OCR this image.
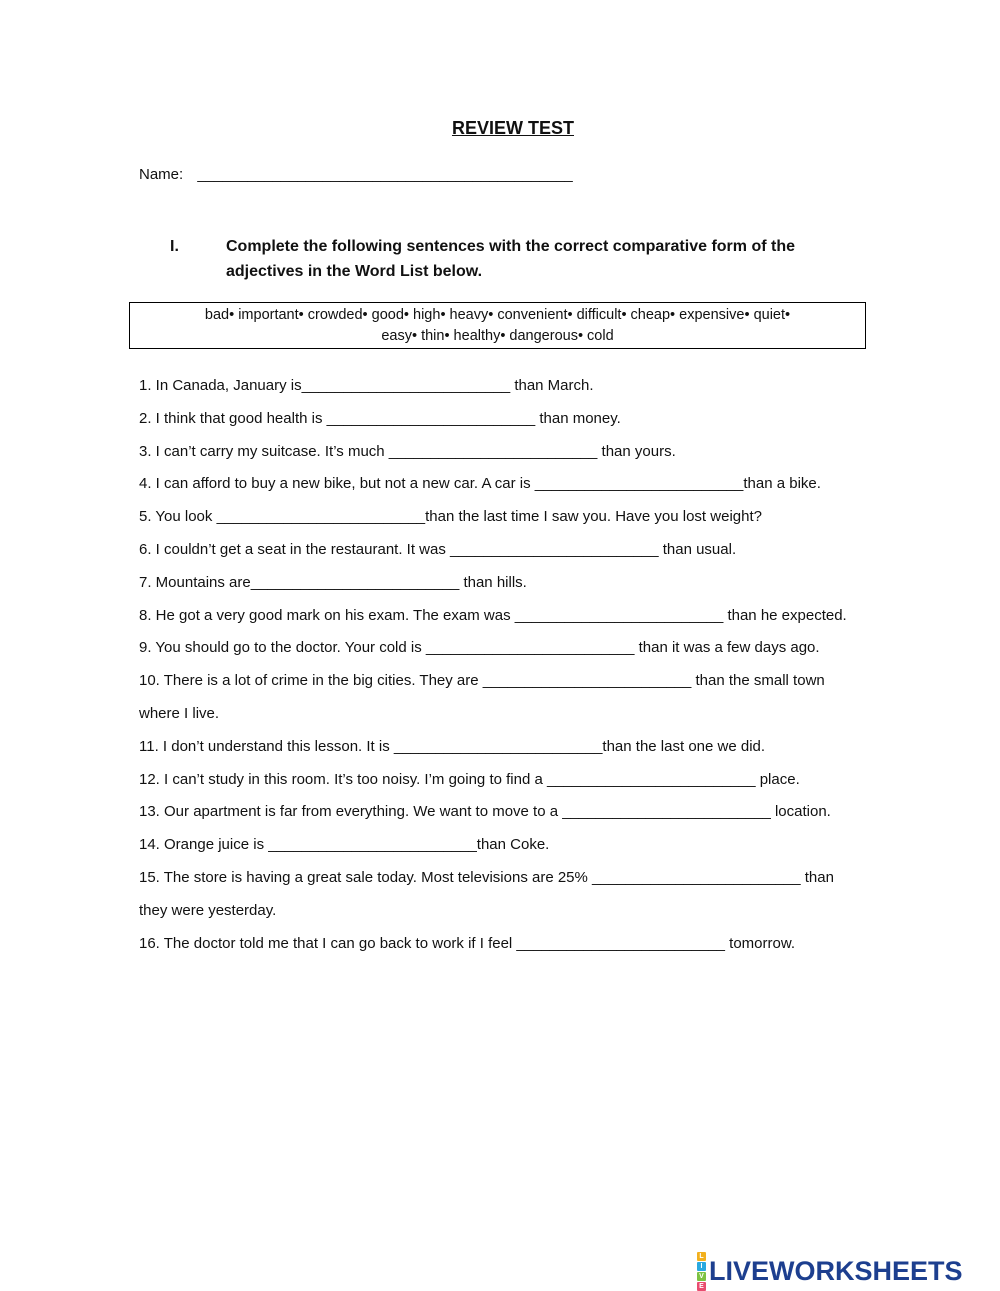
REVIEW TEST
Name: _____________________________________________
I.	Complete the following sentences with the correct comparative form of the adjectives in the Word List below.
bad• important• crowded• good• high• heavy• convenient• difficult• cheap• expensive• quiet•
easy• thin• healthy• dangerous• cold

1. In Canada, January is_________________________ than March.

2. I think that good health is _________________________ than money.

3. I can’t carry my suitcase. It’s much _________________________ than yours.

4. I can afford to buy a new bike, but not a new car. A car is _________________________than a bike.

5. You look _________________________than the last time I saw you. Have you lost weight?

6. I couldn’t get a seat in the restaurant. It was _________________________ than usual.

7. Mountains are_________________________ than hills.

8. He got a very good mark on his exam. The exam was _________________________ than he expected.

9. You should go to the doctor. Your cold is _________________________ than it was a few days ago.

10. There is a lot of crime in the big cities. They are _________________________ than the small town where I live.

11. I don’t understand this lesson. It is _________________________than the last one we did.

12. I can’t study in this room. It’s too noisy. I’m going to find a _________________________ place.

13. Our apartment is far from everything. We want to move to a _________________________ location.

14. Orange juice is _________________________than Coke.

15. The store is having a great sale today. Most televisions are 25% _________________________ than they were yesterday.

16. The doctor told me that I can go back to work if I feel _________________________ tomorrow.

L
I
V
E LIVEWORKSHEETS
